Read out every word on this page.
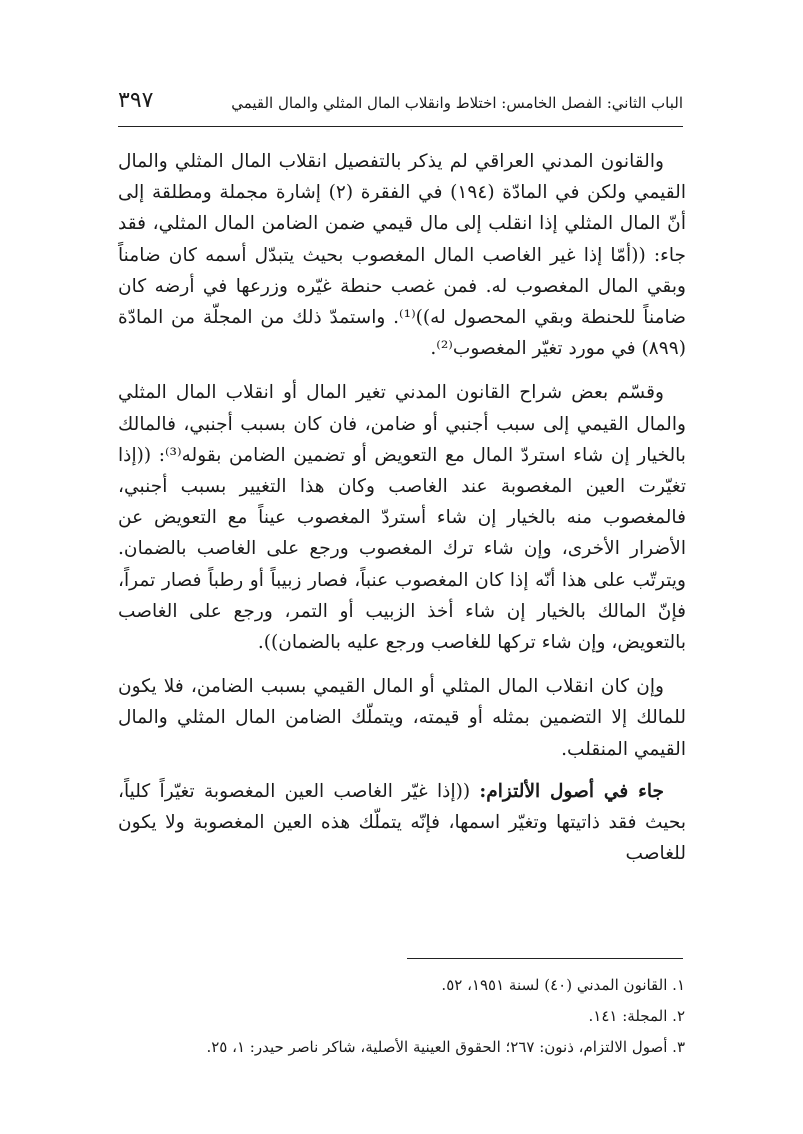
الباب الثاني: الفصل الخامس: اختلاط وانقلاب المال المثلي والمال القيمي
٣٩٧

والقانون المدني العراقي لم يذكر بالتفصيل انقلاب المال المثلي والمال القيمي ولكن في المادّة (١٩٤) في الفقرة (٢) إشارة مجملة ومطلقة إلى أنّ المال المثلي إذا انقلب إلى مال قيمي ضمن الضامن المال المثلي، فقد جاء: ((أمّا إذا غير الغاصب المال المغصوب بحيث يتبدّل أسمه كان ضامناً وبقي المال المغصوب له. فمن غصب حنطة غيّره وزرعها في أرضه كان ضامناً للحنطة وبقي المحصول له))⁽¹⁾. واستمدّ ذلك من المجلّة من المادّة (٨٩٩) في مورد تغيّر المغصوب⁽²⁾.

وقسّم بعض شراح القانون المدني تغير المال أو انقلاب المال المثلي والمال القيمي إلى سبب أجنبي أو ضامن، فان كان بسبب أجنبي، فالمالك بالخيار إن شاء استردّ المال مع التعويض أو تضمين الضامن بقوله⁽³⁾: ((إذا تغيّرت العين المغصوبة عند الغاصب وكان هذا التغيير بسبب أجنبي، فالمغصوب منه بالخيار إن شاء أستردّ المغصوب عيناً مع التعويض عن الأضرار الأخرى، وإن شاء ترك المغصوب ورجع على الغاصب بالضمان. ويترتّب على هذا أنّه إذا كان المغصوب عنباً، فصار زبيباً أو رطباً فصار تمراً، فإنّ المالك بالخيار إن شاء أخذ الزبيب أو التمر، ورجع على الغاصب بالتعويض، وإن شاء تركها للغاصب ورجع عليه بالضمان)).

وإن كان انقلاب المال المثلي أو المال القيمي بسبب الضامن، فلا يكون للمالك إلا التضمين بمثله أو قيمته، ويتملّك الضامن المال المثلي والمال القيمي المنقلب.

جاء في أصول الألتزام: ((إذا غيّر الغاصب العين المغصوبة تغيّراً كلياً، بحيث فقد ذاتيتها وتغيّر اسمها، فإنّه يتملّك هذه العين المغصوبة ولا يكون للغاصب

١. القانون المدني (٤٠) لسنة ١٩٥١، ٥٢.

٢. المجلة: ١٤١.

٣. أصول الالتزام، ذنون: ٢٦٧؛ الحقوق العينية الأصلية، شاكر ناصر حيدر: ١، ٢٥.
